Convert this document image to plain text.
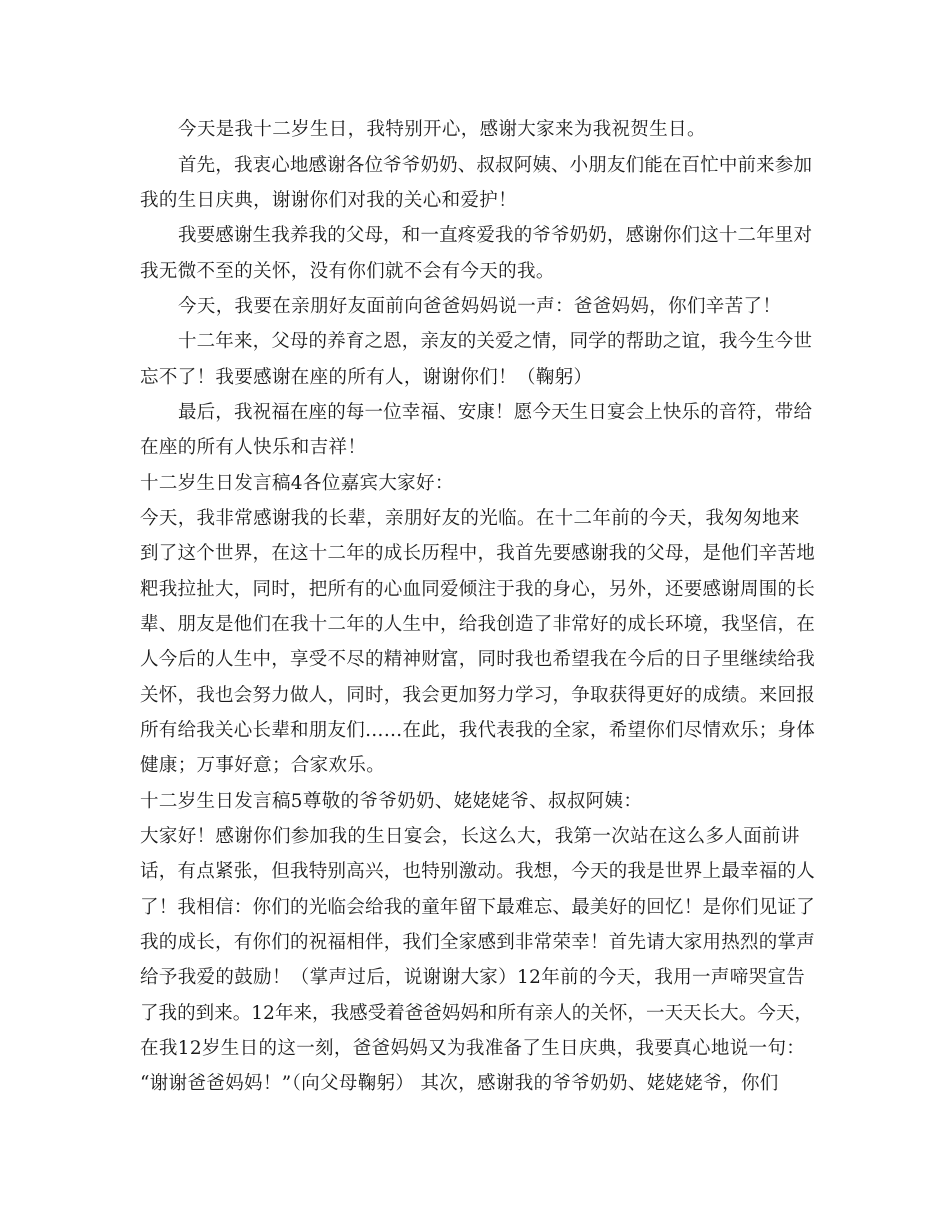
今天是我十二岁生日，我特别开心，感谢大家来为我祝贺生日。
首先，我衷心地感谢各位爷爷奶奶、叔叔阿姨、小朋友们能在百忙中前来参加
我的生日庆典，谢谢你们对我的关心和爱护！
我要感谢生我养我的父母，和一直疼爱我的爷爷奶奶，感谢你们这十二年里对
我无微不至的关怀，没有你们就不会有今天的我。
今天，我要在亲朋好友面前向爸爸妈妈说一声：爸爸妈妈，你们辛苦了！
十二年来，父母的养育之恩，亲友的关爱之情，同学的帮助之谊，我今生今世
忘不了！我要感谢在座的所有人，谢谢你们！（鞠躬）
最后，我祝福在座的每一位幸福、安康！愿今天生日宴会上快乐的音符，带给
在座的所有人快乐和吉祥！
十二岁生日发言稿4各位嘉宾大家好：
今天，我非常感谢我的长辈，亲朋好友的光临。在十二年前的今天，我匆匆地来
到了这个世界，在这十二年的成长历程中，我首先要感谢我的父母，是他们辛苦地
粑我拉扯大，同时，把所有的心血同爱倾注于我的身心，另外，还要感谢周围的长
辈、朋友是他们在我十二年的人生中，给我创造了非常好的成长环境，我坚信，在
人今后的人生中，享受不尽的精神财富，同时我也希望我在今后的日子里继续给我
关怀，我也会努力做人，同时，我会更加努力学习，争取获得更好的成绩。来回报
所有给我关心长辈和朋友们……在此，我代表我的全家，希望你们尽情欢乐；身体
健康；万事好意；合家欢乐。
十二岁生日发言稿5尊敬的爷爷奶奶、姥姥姥爷、叔叔阿姨：
大家好！感谢你们参加我的生日宴会，长这么大，我第一次站在这么多人面前讲
话，有点紧张，但我特别高兴，也特别激动。我想，今天的我是世界上最幸福的人
了！我相信：你们的光临会给我的童年留下最难忘、最美好的回忆！是你们见证了
我的成长，有你们的祝福相伴，我们全家感到非常荣幸！首先请大家用热烈的掌声
给予我爱的鼓励！（掌声过后，说谢谢大家）12年前的今天，我用一声啼哭宣告
了我的到来。12年来，我感受着爸爸妈妈和所有亲人的关怀，一天天长大。今天，
在我12岁生日的这一刻，爸爸妈妈又为我准备了生日庆典，我要真心地说一句：
“谢谢爸爸妈妈！”（向父母鞠躬） 其次，感谢我的爷爷奶奶、姥姥姥爷，你们
